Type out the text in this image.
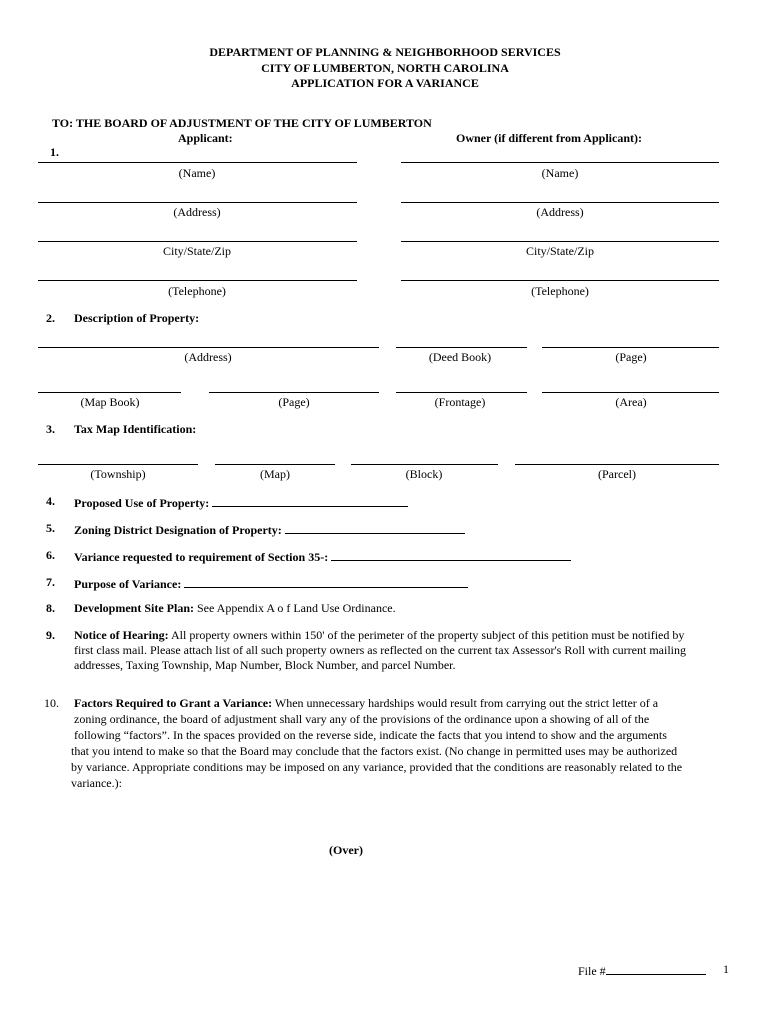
DEPARTMENT OF PLANNING & NEIGHBORHOOD SERVICES
CITY OF LUMBERTON, NORTH CAROLINA
APPLICATION FOR A VARIANCE
TO: THE BOARD OF ADJUSTMENT OF THE CITY OF LUMBERTON
Applicant:	Owner (if different from Applicant):
1.
(Name)	(Name)
(Address)	(Address)
City/State/Zip	City/State/Zip
(Telephone)	(Telephone)
2. Description of Property:
(Address)	(Deed Book)	(Page)
(Map Book)	(Page)	(Frontage)	(Area)
3. Tax Map Identification:
(Township)	(Map)	(Block)	(Parcel)
4. Proposed Use of Property:
5. Zoning District Designation of Property:
6. Variance requested to requirement of Section 35-:
7. Purpose of Variance:
8. Development Site Plan: See Appendix A o f Land Use Ordinance.
9. Notice of Hearing: All property owners within 150' of the perimeter of the property subject of this petition must be notified by
first class mail. Please attach list of all such property owners as reflected on the current tax Assessor's Roll with current mailing
addresses, Taxing Township, Map Number, Block Number, and parcel Number.
10. Factors Required to Grant a Variance: When unnecessary hardships would result from carrying out the strict letter of a
zoning ordinance, the board of adjustment shall vary any of the provisions of the ordinance upon a showing of all of the
following “factors”. In the spaces provided on the reverse side, indicate the facts that you intend to show and the arguments
that you intend to make so that the Board may conclude that the factors exist. (No change in permitted uses may be authorized
by variance. Appropriate conditions may be imposed on any variance, provided that the conditions are reasonably related to the
variance.):
(Over)
File #	1
